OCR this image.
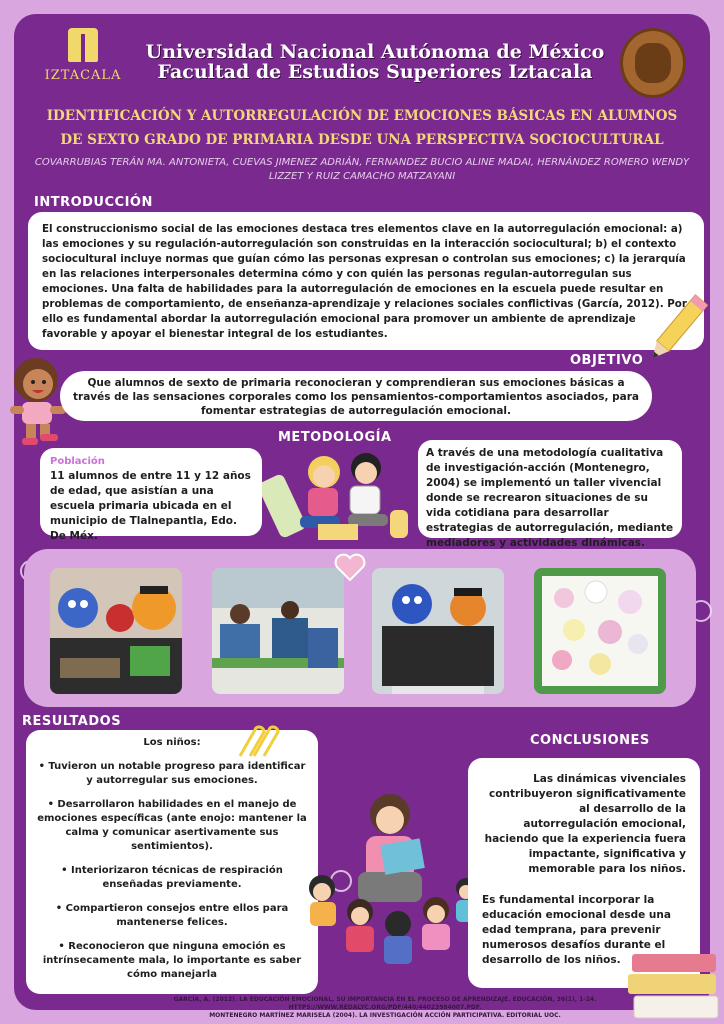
IZTACALA
Universidad Nacional Autónoma de México
Facultad de Estudios Superiores Iztacala
IDENTIFICACIÓN Y AUTORREGULACIÓN DE EMOCIONES BÁSICAS EN ALUMNOS
DE SEXTO GRADO DE PRIMARIA DESDE UNA PERSPECTIVA SOCIOCULTURAL
COVARRUBIAS TERÁN MA. ANTONIETA, CUEVAS JIMENEZ ADRIÁN, FERNANDEZ BUCIO ALINE MADAI, HERNÁNDEZ ROMERO WENDY LIZZET Y RUIZ CAMACHO MATZAYANI
INTRODUCCIÓN
El construccionismo social de las emociones destaca tres elementos clave en la autorregulación emocional: a) las emociones y su regulación-autorregulación son construidas en la interacción sociocultural; b) el contexto sociocultural incluye normas que guían cómo las personas expresan o controlan sus emociones; c) la jerarquía en las relaciones interpersonales determina cómo y con quién las personas regulan-autorregulan sus emociones. Una falta de habilidades para la autorregulación de emociones en la escuela puede resultar en problemas de comportamiento, de enseñanza-aprendizaje y relaciones sociales conflictivas (García, 2012). Por ello es fundamental abordar la autorregulación emocional para promover un ambiente de aprendizaje favorable y apoyar el bienestar integral de los estudiantes.
OBJETIVO
Que alumnos de sexto de primaria reconocieran y comprendieran sus emociones básicas a través de las sensaciones corporales como los pensamientos-comportamientos asociados, para fomentar estrategias de autorregulación emocional.
METODOLOGÍA
Población
11 alumnos de entre 11 y 12 años de edad, que asistían a una escuela primaria ubicada en el municipio de Tlalnepantla, Edo. De Méx.
A través de una metodología cualitativa de investigación-acción (Montenegro, 2004) se implementó un taller vivencial donde se recrearon situaciones de su vida cotidiana para desarrollar estrategias de autorregulación, mediante mediadores y actividades dinámicas.
RESULTADOS
Los niños:
• Tuvieron un notable progreso para identificar y autorregular sus emociones.
• Desarrollaron habilidades en el manejo de emociones específicas (ante enojo: mantener la calma y comunicar asertivamente sus sentimientos).
• Interiorizaron técnicas de respiración enseñadas previamente.
• Compartieron consejos entre ellos para mantenerse felices.
• Reconocieron que ninguna emoción es intrínsecamente mala, lo importante es saber cómo manejarla
CONCLUSIONES

Las dinámicas vivenciales contribuyeron significativamente al desarrollo de la autorregulación emocional, haciendo que la experiencia fuera impactante, significativa y memorable para los niños.

Es fundamental incorporar la educación emocional desde una edad temprana, para prevenir numerosos desafíos durante el desarrollo de los niños.

GARCÍA, A. (2012). LA EDUCACIÓN EMOCIONAL, SU IMPORTANCIA EN EL PROCESO DE APRENDIZAJE. EDUCACIÓN, 36(1), 1-24.
HTTPS://WWW.REDALYC.ORG/PDF/440/44023984007.PDF.
MONTENEGRO MARTÍNEZ MARISELA (2004). LA INVESTIGACIÓN ACCIÓN PARTICIPATIVA. EDITORIAL UOC.
